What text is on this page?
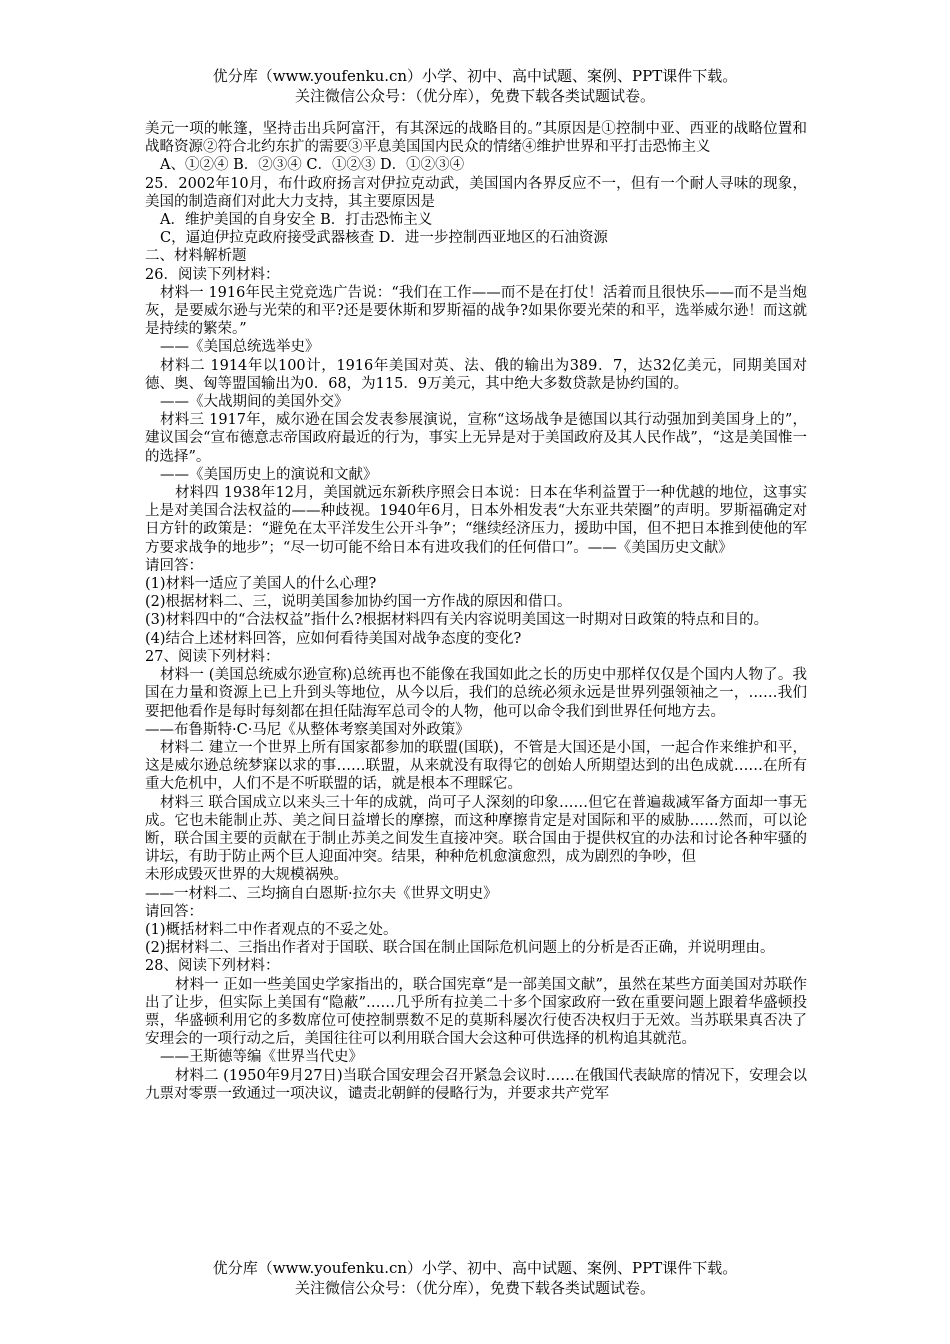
优分库（www.youfenku.cn）小学、初中、高中试题、案例、PPT课件下载。
关注微信公众号：（优分库），免费下载各类试题试卷。

美元一项的帐篷，坚持击出兵阿富汗，有其深远的战略目的。”其原因是①控制中亚、西亚的战略位置和战略资源②符合北约东扩的需要③平息美国国内民众的情绪④维护世界和平打击恐怖主义

A、①②④ B．②③④ C．①②③ D．①②③④

25．2002年10月，布什政府扬言对伊拉克动武，美国国内各界反应不一，但有一个耐人寻味的现象，美国的制造商们对此大力支持，其主要原因是

A．维护美国的自身安全 B．打击恐怖主义

C，逼迫伊拉克政府接受武器核查 D．进一步控制西亚地区的石油资源

二、材料解析题

26．阅读下列材料：

材料一 1916年民主党竞选广告说：“我们在工作——而不是在打仗！活着而且很快乐——而不是当炮灰，是要威尔逊与光荣的和平?还是要休斯和罗斯福的战争?如果你要光荣的和平，选举威尔逊！而这就是持续的繁荣。”

——《美国总统选举史》

材料二 1914年以100计，1916年美国对英、法、俄的输出为389．7，达32亿美元，同期美国对德、奥、匈等盟国输出为0．68，为115．9万美元，其中绝大多数贷款是协约国的。

——《大战期间的美国外交》

材料三 1917年，威尔逊在国会发表参展演说，宣称“这场战争是德国以其行动强加到美国身上的”，建议国会“宣布德意志帝国政府最近的行为，事实上无异是对于美国政府及其人民作战”，“这是美国惟一的选择”。

——《美国历史上的演说和文献》

材料四 1938年12月，美国就远东新秩序照会日本说：日本在华利益置于一种优越的地位，这事实上是对美国合法权益的——种歧视。1940年6月，日本外相发表“大东亚共荣圈”的声明。罗斯福确定对日方针的政策是：“避免在太平洋发生公开斗争”；“继续经济压力，援助中国，但不把日本推到使他的军方要求战争的地步”；“尽一切可能不给日本有进攻我们的任何借口”。——《美国历史文献》

请回答：

(1)材料一适应了美国人的什么心理?

(2)根据材料二、三，说明美国参加协约国一方作战的原因和借口。

(3)材料四中的“合法权益”指什么?根据材料四有关内容说明美国这一时期对日政策的特点和目的。

(4)结合上述材料回答，应如何看待美国对战争态度的变化?

27、阅读下列材料：

材料一 (美国总统威尔逊宣称)总统再也不能像在我国如此之长的历史中那样仅仅是个国内人物了。我国在力量和资源上已上升到头等地位，从今以后，我们的总统必须永远是世界列强领袖之一，……我们要把他看作是每时每刻都在担任陆海军总司令的人物，他可以命令我们到世界任何地方去。

——布鲁斯特·C·马尼《从整体考察美国对外政策》

材料二 建立一个世界上所有国家都参加的联盟(国联)，不管是大国还是小国，一起合作来维护和平，这是威尔逊总统梦寐以求的事……联盟，从来就没有取得它的创始人所期望达到的出色成就……在所有重大危机中，人们不是不听联盟的话，就是根本不理睬它。

材料三 联合国成立以来头三十年的成就，尚可子人深刻的印象……但它在普遍裁减军备方面却一事无成。它也未能制止苏、美之间日益增长的摩擦，而这种摩擦肯定是对国际和平的威胁……然而，可以论断，联合国主要的贡献在于制止苏美之间发生直接冲突。联合国由于提供权宜的办法和讨论各种牢骚的讲坛，有助于防止两个巨人迎面冲突。结果，种种危机愈演愈烈，成为剧烈的争吵，但

未形成毁灭世界的大规模祸殃。

——一材料二、三均摘自白恩斯·拉尔夫《世界文明史》

请回答：

(1)概括材料二中作者观点的不妥之处。

(2)据材料二、三指出作者对于国联、联合国在制止国际危机问题上的分析是否正确，并说明理由。

28、阅读下列材料：

材料一 正如一些美国史学家指出的，联合国宪章“是一部美国文献”，虽然在某些方面美国对苏联作出了让步，但实际上美国有“隐蔽”……几乎所有拉美二十多个国家政府一致在重要问题上跟着华盛顿投票，华盛顿利用它的多数席位可使控制票数不足的莫斯科屡次行使否决权归于无效。当苏联果真否决了安理会的一项行动之后，美国往往可以利用联合国大会这种可供选择的机构追其就范。

——王斯德等编《世界当代史》

材料二 (1950年9月27日)当联合国安理会召开紧急会议时……在俄国代表缺席的情况下，安理会以九票对零票一致通过一项决议，谴责北朝鲜的侵略行为，并要求共产党军

优分库（www.youfenku.cn）小学、初中、高中试题、案例、PPT课件下载。
关注微信公众号：（优分库），免费下载各类试题试卷。
